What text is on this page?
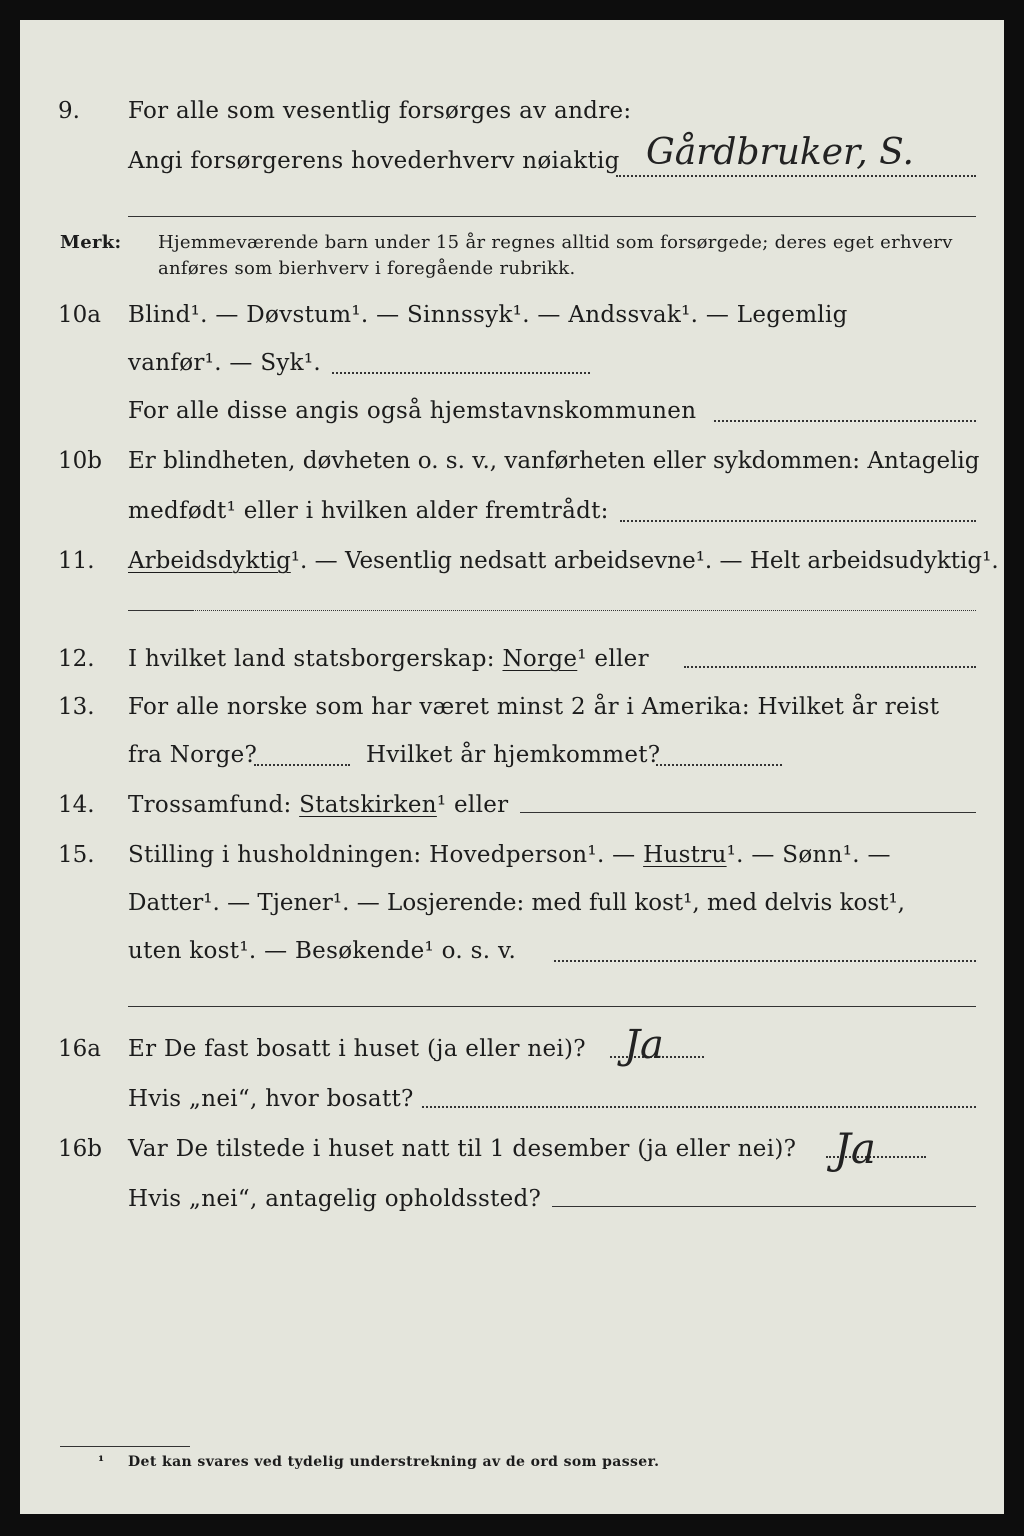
9. For alle som vesentlig forsørges av andre:
Angi forsørgerens hovederhverv nøiaktig Gårdbruker, S.
Merk: Hjemmeværende barn under 15 år regnes alltid som forsørgede; deres eget erhverv
anføres som bierhverv i foregående rubrikk.
10a Blind¹. — Døvstum¹. — Sinnssyk¹. — Andssvak¹. — Legemlig
vanfør¹. — Syk¹.
For alle disse angis også hjemstavnskommunen
10b Er blindheten, døvheten o. s. v., vanførheten eller sykdommen: Antagelig
medfødt¹ eller i hvilken alder fremtrådt:
11. Arbeidsdyktig¹. — Vesentlig nedsatt arbeidsevne¹. — Helt arbeidsudyktig¹.
12. I hvilket land statsborgerskap: Norge¹ eller
13. For alle norske som har været minst 2 år i Amerika: Hvilket år reist
fra Norge?	Hvilket år hjemkommet?
14. Trossamfund: Statskirken¹ eller
15. Stilling i husholdningen: Hovedperson¹. — Hustru¹. — Sønn¹. —
Datter¹. — Tjener¹. — Losjerende: med full kost¹, med delvis kost¹,
uten kost¹. — Besøkende¹ o. s. v.
16a Er De fast bosatt i huset (ja eller nei)? Ja
Hvis „nei“, hvor bosatt?
16b Var De tilstede i huset natt til 1 desember (ja eller nei)? Ja
Hvis „nei“, antagelig opholdssted?
¹ Det kan svares ved tydelig understrekning av de ord som passer.
